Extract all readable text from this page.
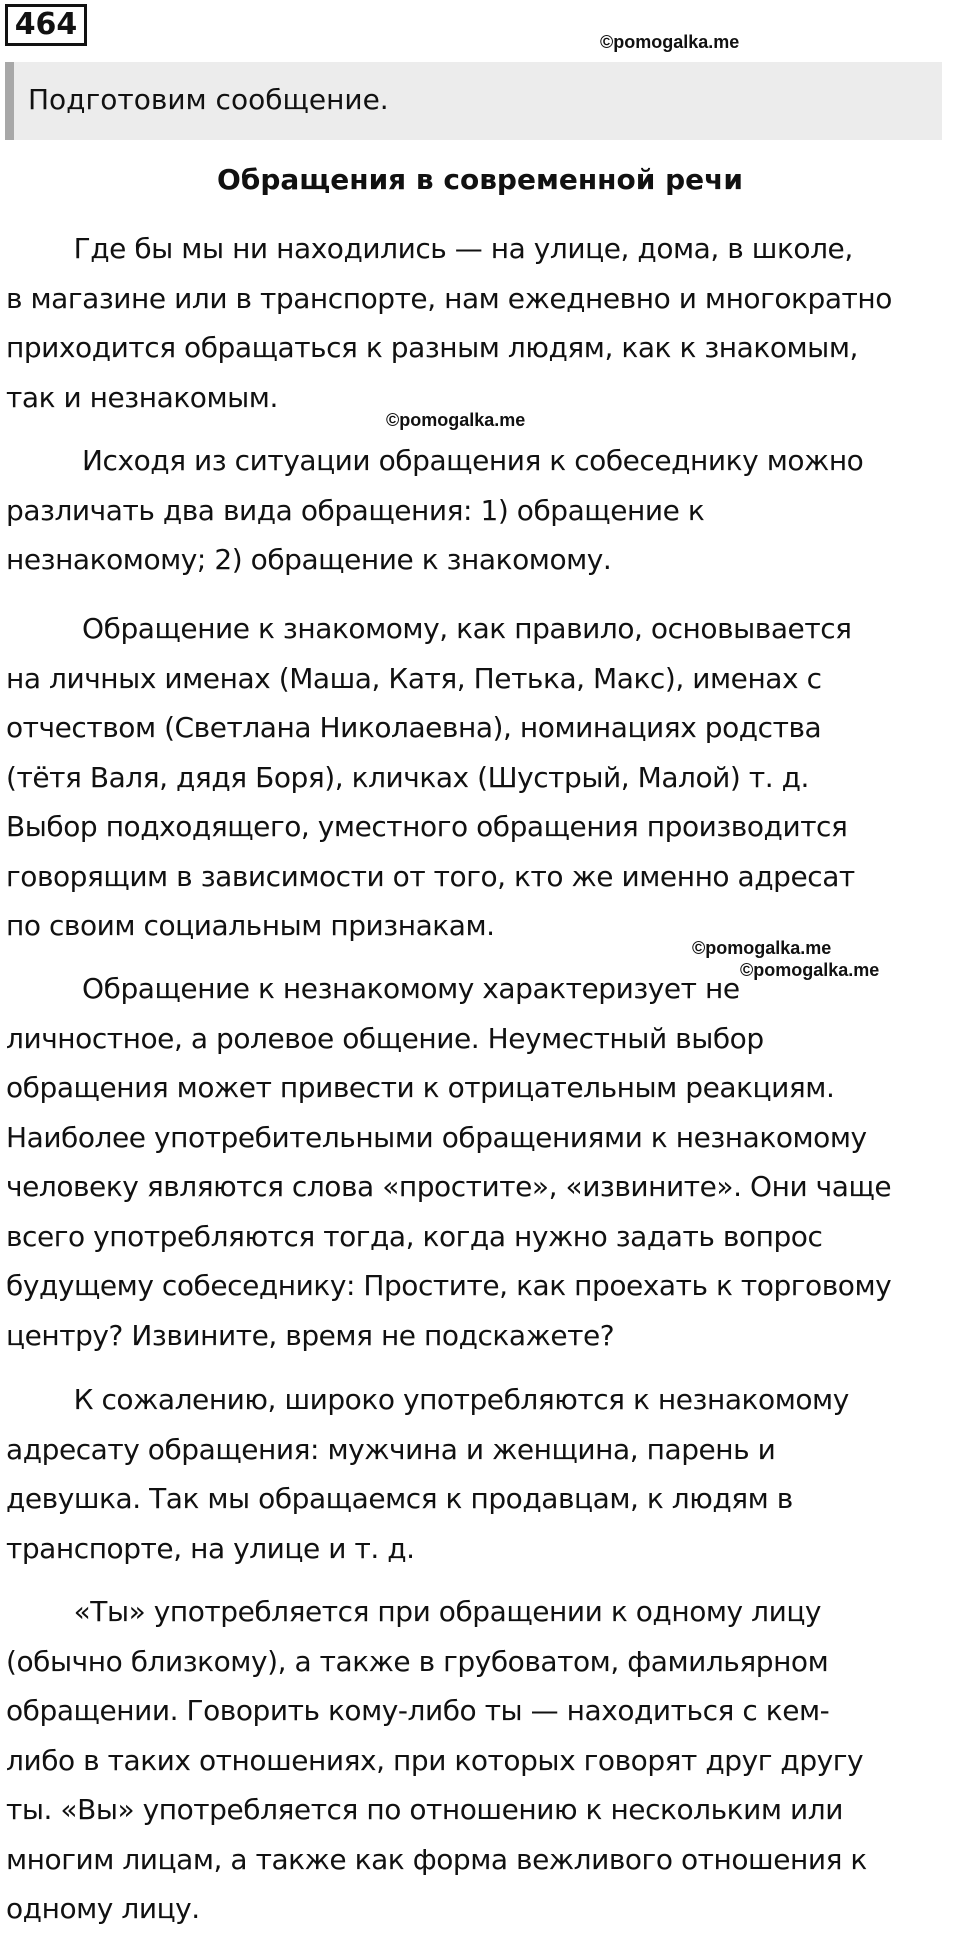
464	©pomogalka.me
Подготовим сообщение.
Обращения в современной речи
©pomogalka.me
©pomogalka.me
©pomogalka.me
Где бы мы ни находились — на улице, дома, в школе,
в магазине или в транспорте, нам ежедневно и многократно
приходится обращаться к разным людям, как к знакомым,
так и незнакомым.
Исходя из ситуации обращения к собеседнику можно
различать два вида обращения: 1) обращение к
незнакомому; 2) обращение к знакомому.
Обращение к знакомому, как правило, основывается
на личных именах (Маша, Катя, Петька, Макс), именах с
отчеством (Светлана Николаевна), номинациях родства
(тётя Валя, дядя Боря), кличках (Шустрый, Малой) т. д.
Выбор подходящего, уместного обращения производится
говорящим в зависимости от того, кто же именно адресат
по своим социальным признакам.
Обращение к незнакомому характеризует не
личностное, а ролевое общение. Неуместный выбор
обращения может привести к отрицательным реакциям.
Наиболее употребительными обращениями к незнакомому
человеку являются слова «простите», «извините». Они чаще
всего употребляются тогда, когда нужно задать вопрос
будущему собеседнику: Простите, как проехать к торговому
центру? Извините, время не подскажете?
К сожалению, широко употребляются к незнакомому
адресату обращения: мужчина и женщина, парень и
девушка. Так мы обращаемся к продавцам, к людям в
транспорте, на улице и т. д.
«Ты» употребляется при обращении к одному лицу
(обычно близкому), а также в грубоватом, фамильярном
обращении. Говорить кому-либо ты — находиться с кем-
либо в таких отношениях, при которых говорят друг другу
ты. «Вы» употребляется по отношению к нескольким или
многим лицам, а также как форма вежливого отношения к
одному лицу.
